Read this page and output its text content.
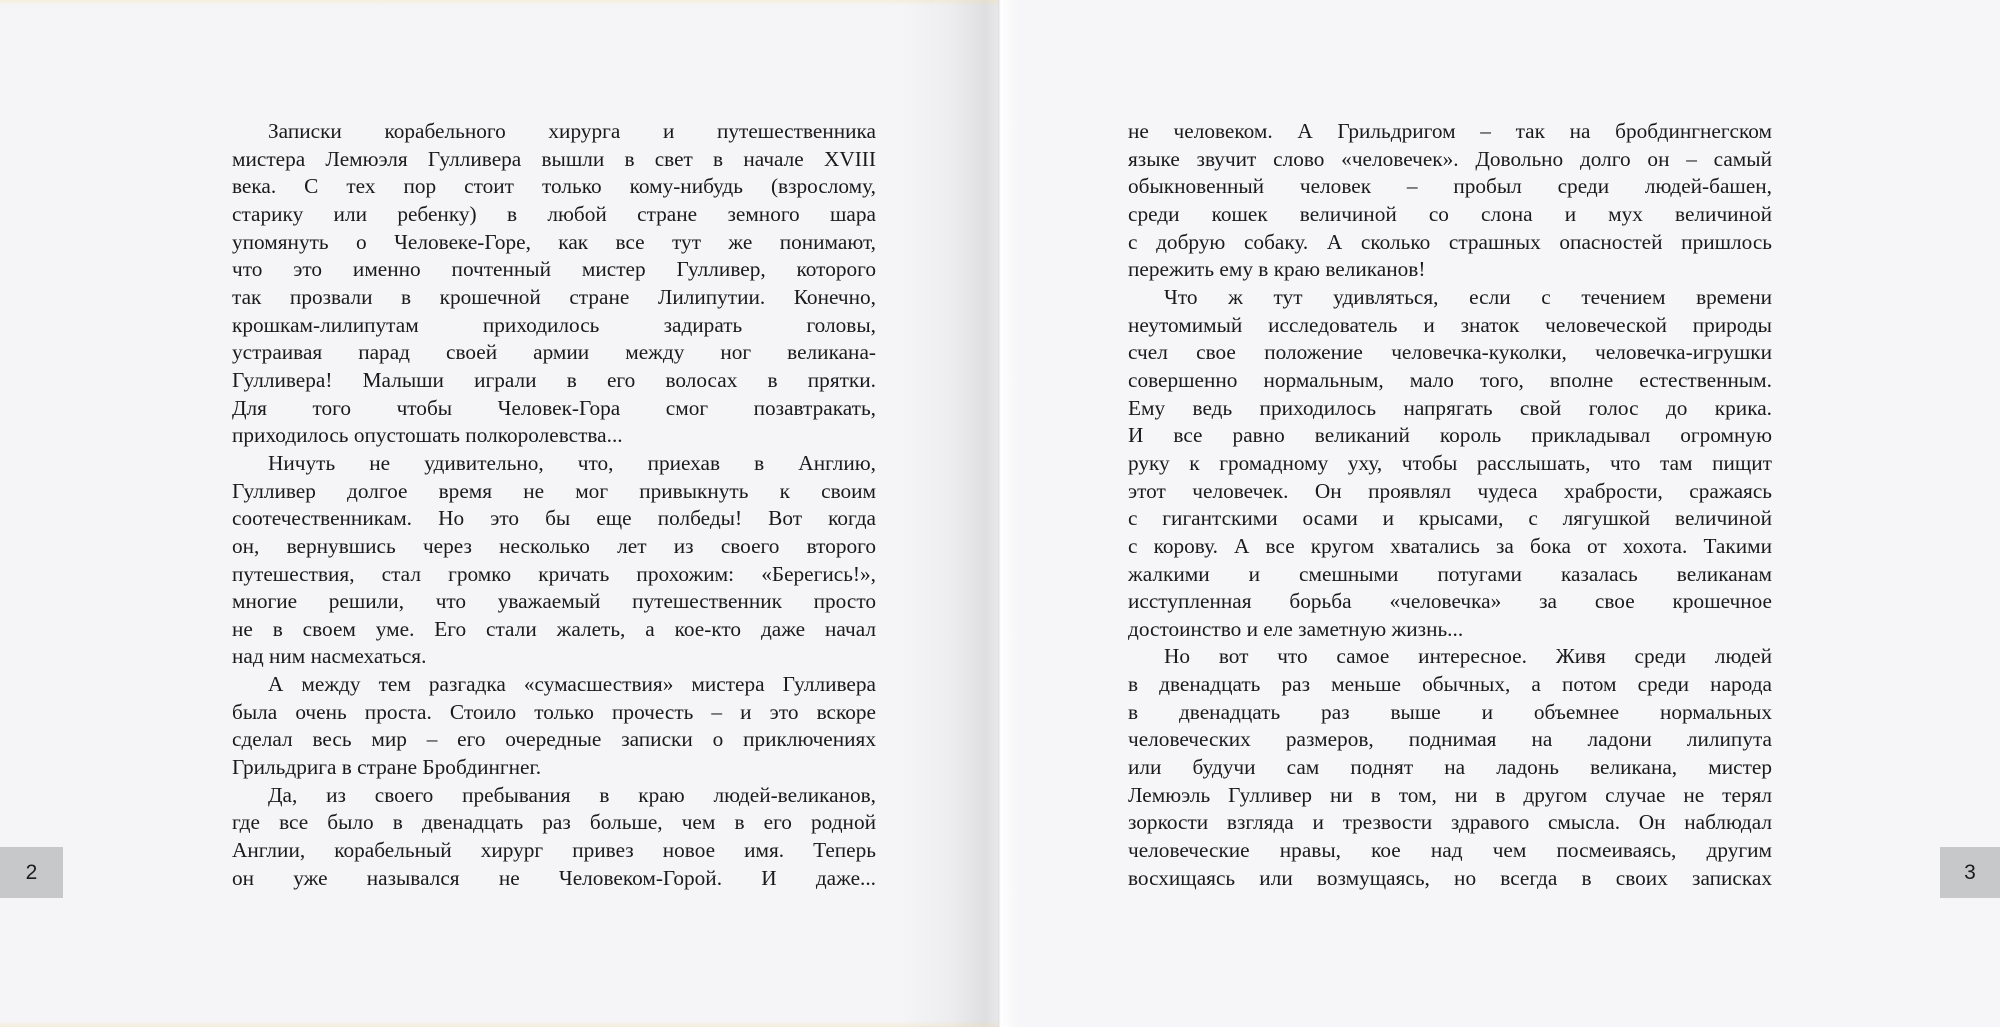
Записки корабельного хирурга и путешественника
мистера Лемюэля Гулливера вышли в свет в начале XVIII
века. С тех пор стоит только кому-нибудь (взрослому,
старику или ребенку) в любой стране земного шара
упомянуть о Человеке-Горе, как все тут же понимают,
что это именно почтенный мистер Гулливер, которого
так прозвали в крошечной стране Лилипутии. Конечно,
крошкам-лилипутам приходилось задирать головы,
устраивая парад своей армии между ног великана-
Гулливера! Малыши играли в его волосах в прятки.
Для того чтобы Человек-Гора смог позавтракать,
приходилось опустошать полкоролевства...
Ничуть не удивительно, что, приехав в Англию,
Гулливер долгое время не мог привыкнуть к своим
соотечественникам. Но это бы еще полбеды! Вот когда
он, вернувшись через несколько лет из своего второго
путешествия, стал громко кричать прохожим: «Берегись!»,
многие решили, что уважаемый путешественник просто
не в своем уме. Его стали жалеть, а кое-кто даже начал
над ним насмехаться.
А между тем разгадка «сумасшествия» мистера Гулливера
была очень проста. Стоило только прочесть – и это вскоре
сделал весь мир – его очередные записки о приключениях
Грильдрига в стране Бробдингнег.
Да, из своего пребывания в краю людей-великанов,
где все было в двенадцать раз больше, чем в его родной
Англии, корабельный хирург привез новое имя. Теперь
он уже назывался не Человеком-Горой. И даже...
2
не человеком. А Грильдригом – так на бробдингнегском
языке звучит слово «человечек». Довольно долго он – самый
обыкновенный человек – пробыл среди людей-башен,
среди кошек величиной со слона и мух величиной
с добрую собаку. А сколько страшных опасностей пришлось
пережить ему в краю великанов!
Что ж тут удивляться, если с течением времени
неутомимый исследователь и знаток человеческой природы
счел свое положение человечка-куколки, человечка-игрушки
совершенно нормальным, мало того, вполне естественным.
Ему ведь приходилось напрягать свой голос до крика.
И все равно великаний король прикладывал огромную
руку к громадному уху, чтобы расслышать, что там пищит
этот человечек. Он проявлял чудеса храбрости, сражаясь
с гигантскими осами и крысами, с лягушкой величиной
с корову. А все кругом хватались за бока от хохота. Такими
жалкими и смешными потугами казалась великанам
исступленная борьба «человечка» за свое крошечное
достоинство и еле заметную жизнь...
Но вот что самое интересное. Живя среди людей
в двенадцать раз меньше обычных, а потом среди народа
в двенадцать раз выше и объемнее нормальных
человеческих размеров, поднимая на ладони лилипута
или будучи сам поднят на ладонь великана, мистер
Лемюэль Гулливер ни в том, ни в другом случае не терял
зоркости взгляда и трезвости здравого смысла. Он наблюдал
человеческие нравы, кое над чем посмеиваясь, другим
восхищаясь или возмущаясь, но всегда в своих записках	3
